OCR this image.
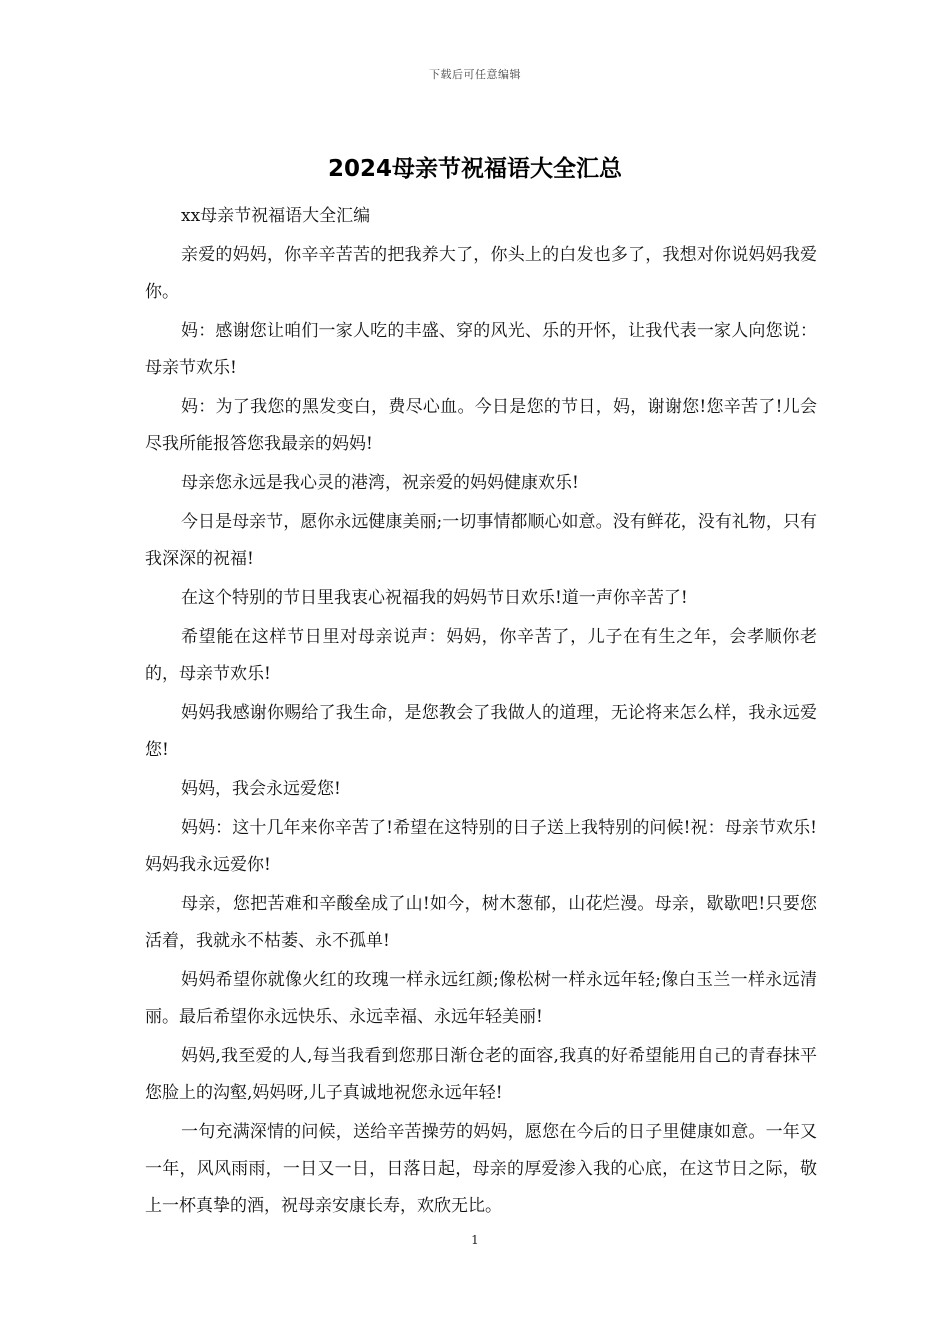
下载后可任意编辑
2024母亲节祝福语大全汇总

xx母亲节祝福语大全汇编

亲爱的妈妈，你辛辛苦苦的把我养大了，你头上的白发也多了，我想对你说妈妈我爱你。

妈：感谢您让咱们一家人吃的丰盛、穿的风光、乐的开怀，让我代表一家人向您说：母亲节欢乐!

妈：为了我您的黑发变白，费尽心血。今日是您的节日，妈，谢谢您!您辛苦了!儿会尽我所能报答您我最亲的妈妈!

母亲您永远是我心灵的港湾，祝亲爱的妈妈健康欢乐!

今日是母亲节，愿你永远健康美丽;一切事情都顺心如意。没有鲜花，没有礼物，只有我深深的祝福!

在这个特别的节日里我衷心祝福我的妈妈节日欢乐!道一声你辛苦了!

希望能在这样节日里对母亲说声：妈妈，你辛苦了，儿子在有生之年，会孝顺你老的，母亲节欢乐!

妈妈我感谢你赐给了我生命，是您教会了我做人的道理，无论将来怎么样，我永远爱您!

妈妈，我会永远爱您!

妈妈：这十几年来你辛苦了!希望在这特别的日子送上我特别的问候!祝：母亲节欢乐!妈妈我永远爱你!

母亲，您把苦难和辛酸垒成了山!如今，树木葱郁，山花烂漫。母亲，歇歇吧!只要您活着，我就永不枯萎、永不孤单!

妈妈希望你就像火红的玫瑰一样永远红颜;像松树一样永远年轻;像白玉兰一样永远清丽。最后希望你永远快乐、永远幸福、永远年轻美丽!

妈妈,我至爱的人,每当我看到您那日渐仓老的面容,我真的好希望能用自己的青春抹平您脸上的沟壑,妈妈呀,儿子真诚地祝您永远年轻!

一句充满深情的问候，送给辛苦操劳的妈妈，愿您在今后的日子里健康如意。一年又一年，风风雨雨，一日又一日，日落日起，母亲的厚爱渗入我的心底，在这节日之际，敬上一杯真挚的酒，祝母亲安康长寿，欢欣无比。

1
